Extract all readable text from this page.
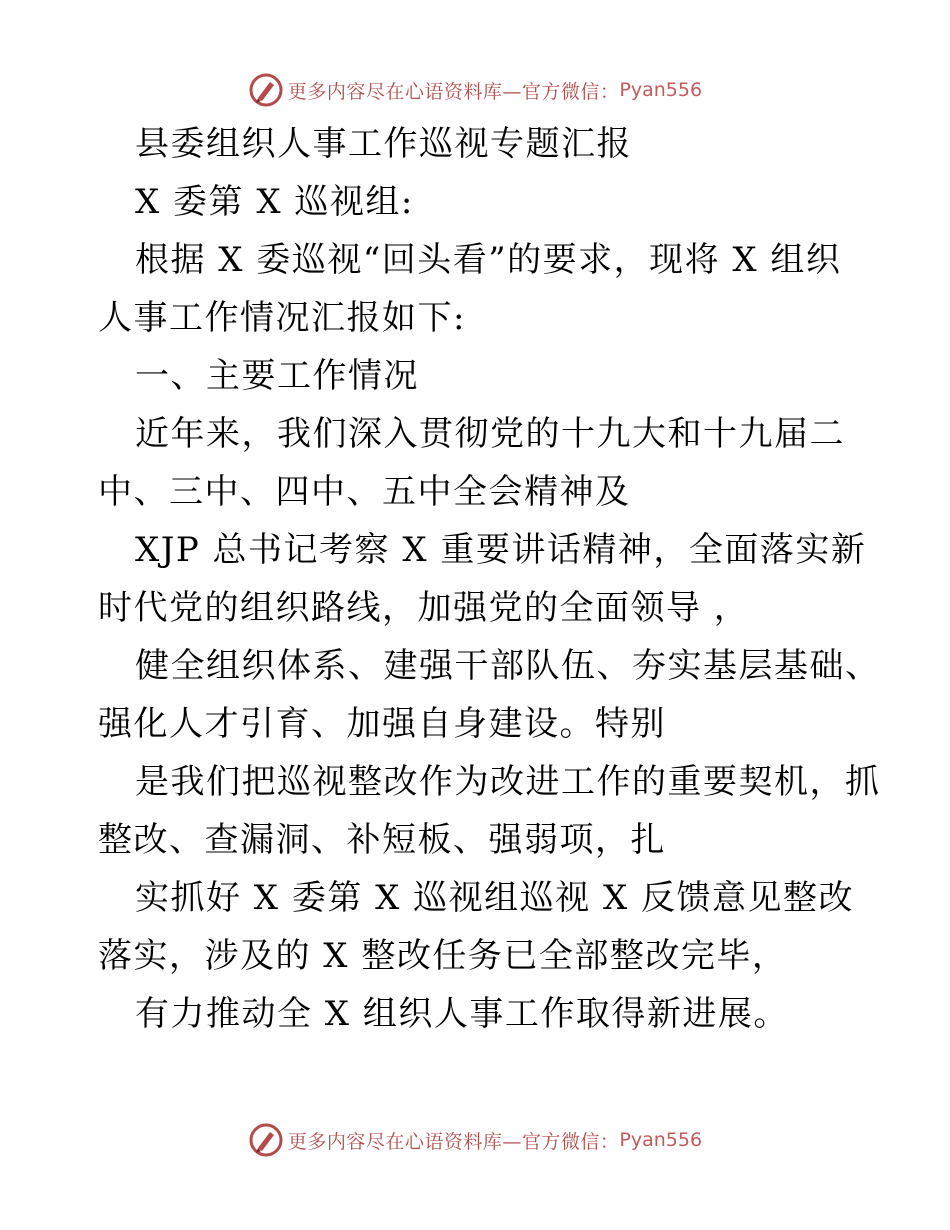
更多内容尽在心语资料库—官方微信： Pyan556
县委组织人事工作巡视专题汇报
X 委第 X 巡视组:
根据 X 委巡视“回头看”的要求，现将 X 组织
人事工作情况汇报如下:
一、主要工作情况
近年来，我们深入贯彻党的十九大和十九届二
中、三中、四中、五中全会精神及
XJP 总书记考察 X 重要讲话精神，全面落实新
时代党的组织路线，加强党的全面领导 ，
健全组织体系、建强干部队伍、夯实基层基础、
强化人才引育、加强自身建设。特别
是我们把巡视整改作为改进工作的重要契机，抓
整改、查漏洞、补短板、强弱项，扎
实抓好 X 委第 X 巡视组巡视 X 反馈意见整改
落实，涉及的 X 整改任务已全部整改完毕，
有力推动全 X 组织人事工作取得新进展。
更多内容尽在心语资料库—官方微信： Pyan556
